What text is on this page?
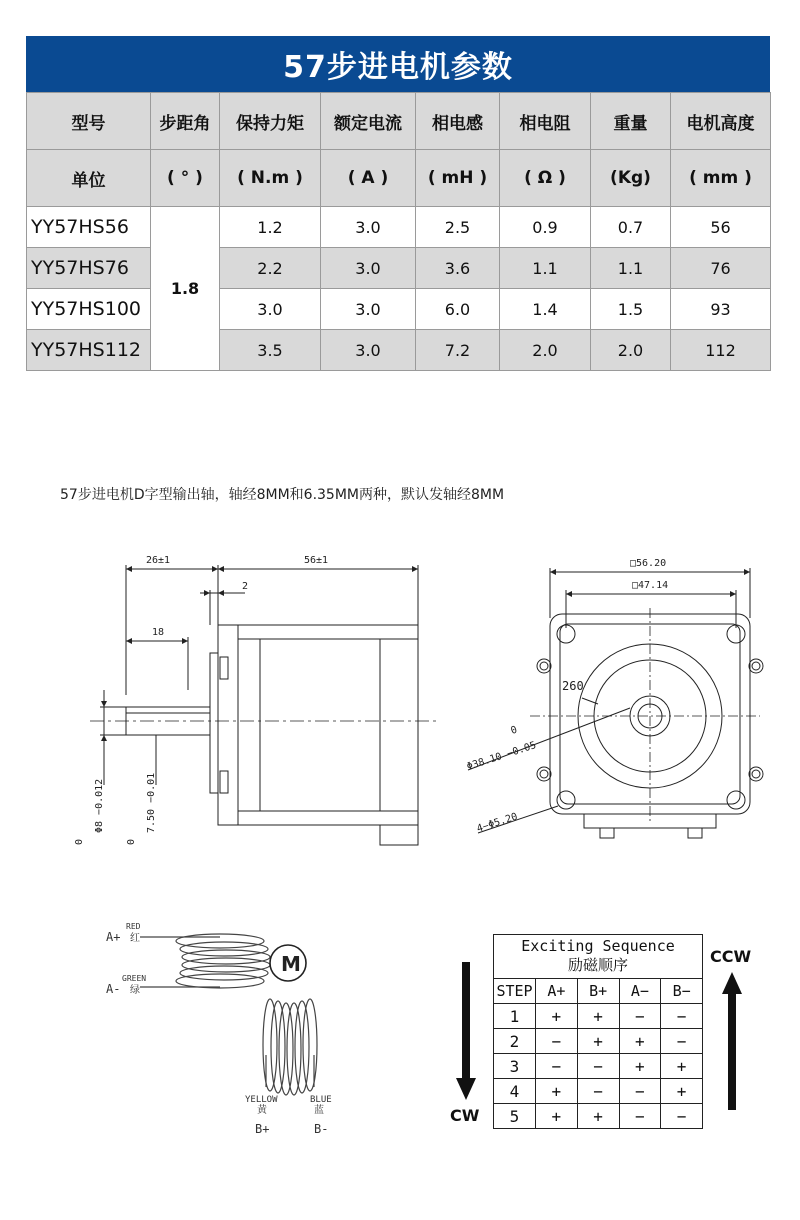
57步进电机参数
型号	步距角	保持力矩	额定电流	相电感	相电阻	重量	电机高度
单位	( ° )	( N.m )	( A )	( mH )	( Ω )	(Kg)	( mm )
YY57HS56	1.8	1.2	3.0	2.5	0.9	0.7	56
YY57HS76		2.2	3.0	3.6	1.1	1.1	76
YY57HS100		3.0	3.0	6.0	1.4	1.5	93
YY57HS112		3.5	3.0	7.2	2.0	2.0	112
57步进电机D字型输出轴，轴经8MM和6.35MM两种，默认发轴经8MM
26±1	56±1
2
18
0
Φ8 −0.012
0
7.50 −0.01
□56.20
□47.14
260
0
Φ38.10 −0.05
4−Φ5.20
M
A+
RED
红
A-
GREEN
绿
YELLOW
黄
B+
BLUE
蓝
B-
CW
CCW
Exciting Sequence
励磁顺序
STEP	A+	B+	A−	B−
1	+	+	−	−
2	−	+	+	−
3	−	−	+	+
4	+	−	−	+
5	+	+	−	−
